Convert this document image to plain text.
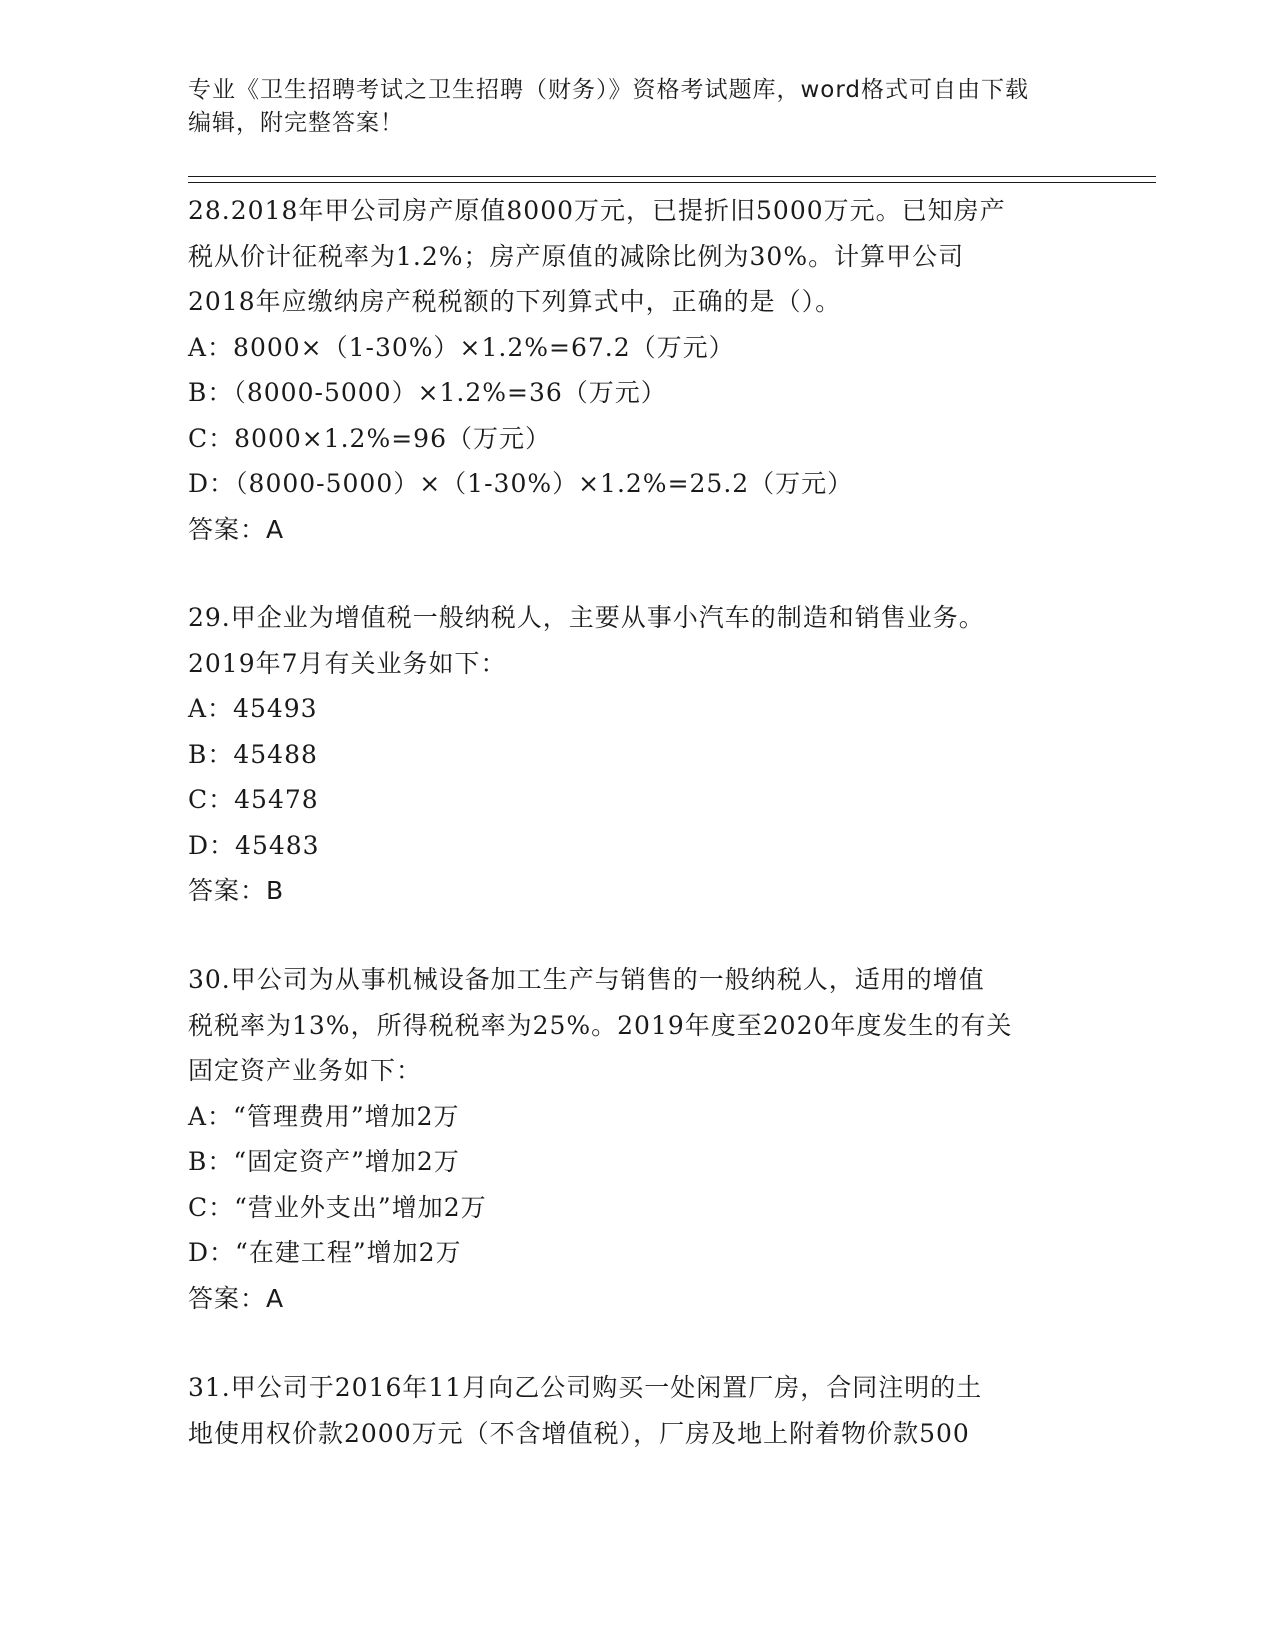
专业《卫生招聘考试之卫生招聘（财务）》资格考试题库，word格式可自由下载
编辑，附完整答案！
28.2018年甲公司房产原值8000万元，已提折旧5000万元。已知房产
税从价计征税率为1.2%；房产原值的减除比例为30%。计算甲公司
2018年应缴纳房产税税额的下列算式中，正确的是（）。
A：8000×（1-30%）×1.2%=67.2（万元）
B：（8000-5000）×1.2%=36（万元）
C：8000×1.2%=96（万元）
D：（8000-5000）×（1-30%）×1.2%=25.2（万元）
答案：A
29.甲企业为增值税一般纳税人，主要从事小汽车的制造和销售业务。
2019年7月有关业务如下：
A：45493
B：45488
C：45478
D：45483
答案：B
30.甲公司为从事机械设备加工生产与销售的一般纳税人，适用的增值
税税率为13%，所得税税率为25%。2019年度至2020年度发生的有关
固定资产业务如下：
A：“管理费用”增加2万
B：“固定资产”增加2万
C：“营业外支出”增加2万
D：“在建工程”增加2万
答案：A
31.甲公司于2016年11月向乙公司购买一处闲置厂房，合同注明的土
地使用权价款2000万元（不含增值税），厂房及地上附着物价款500
